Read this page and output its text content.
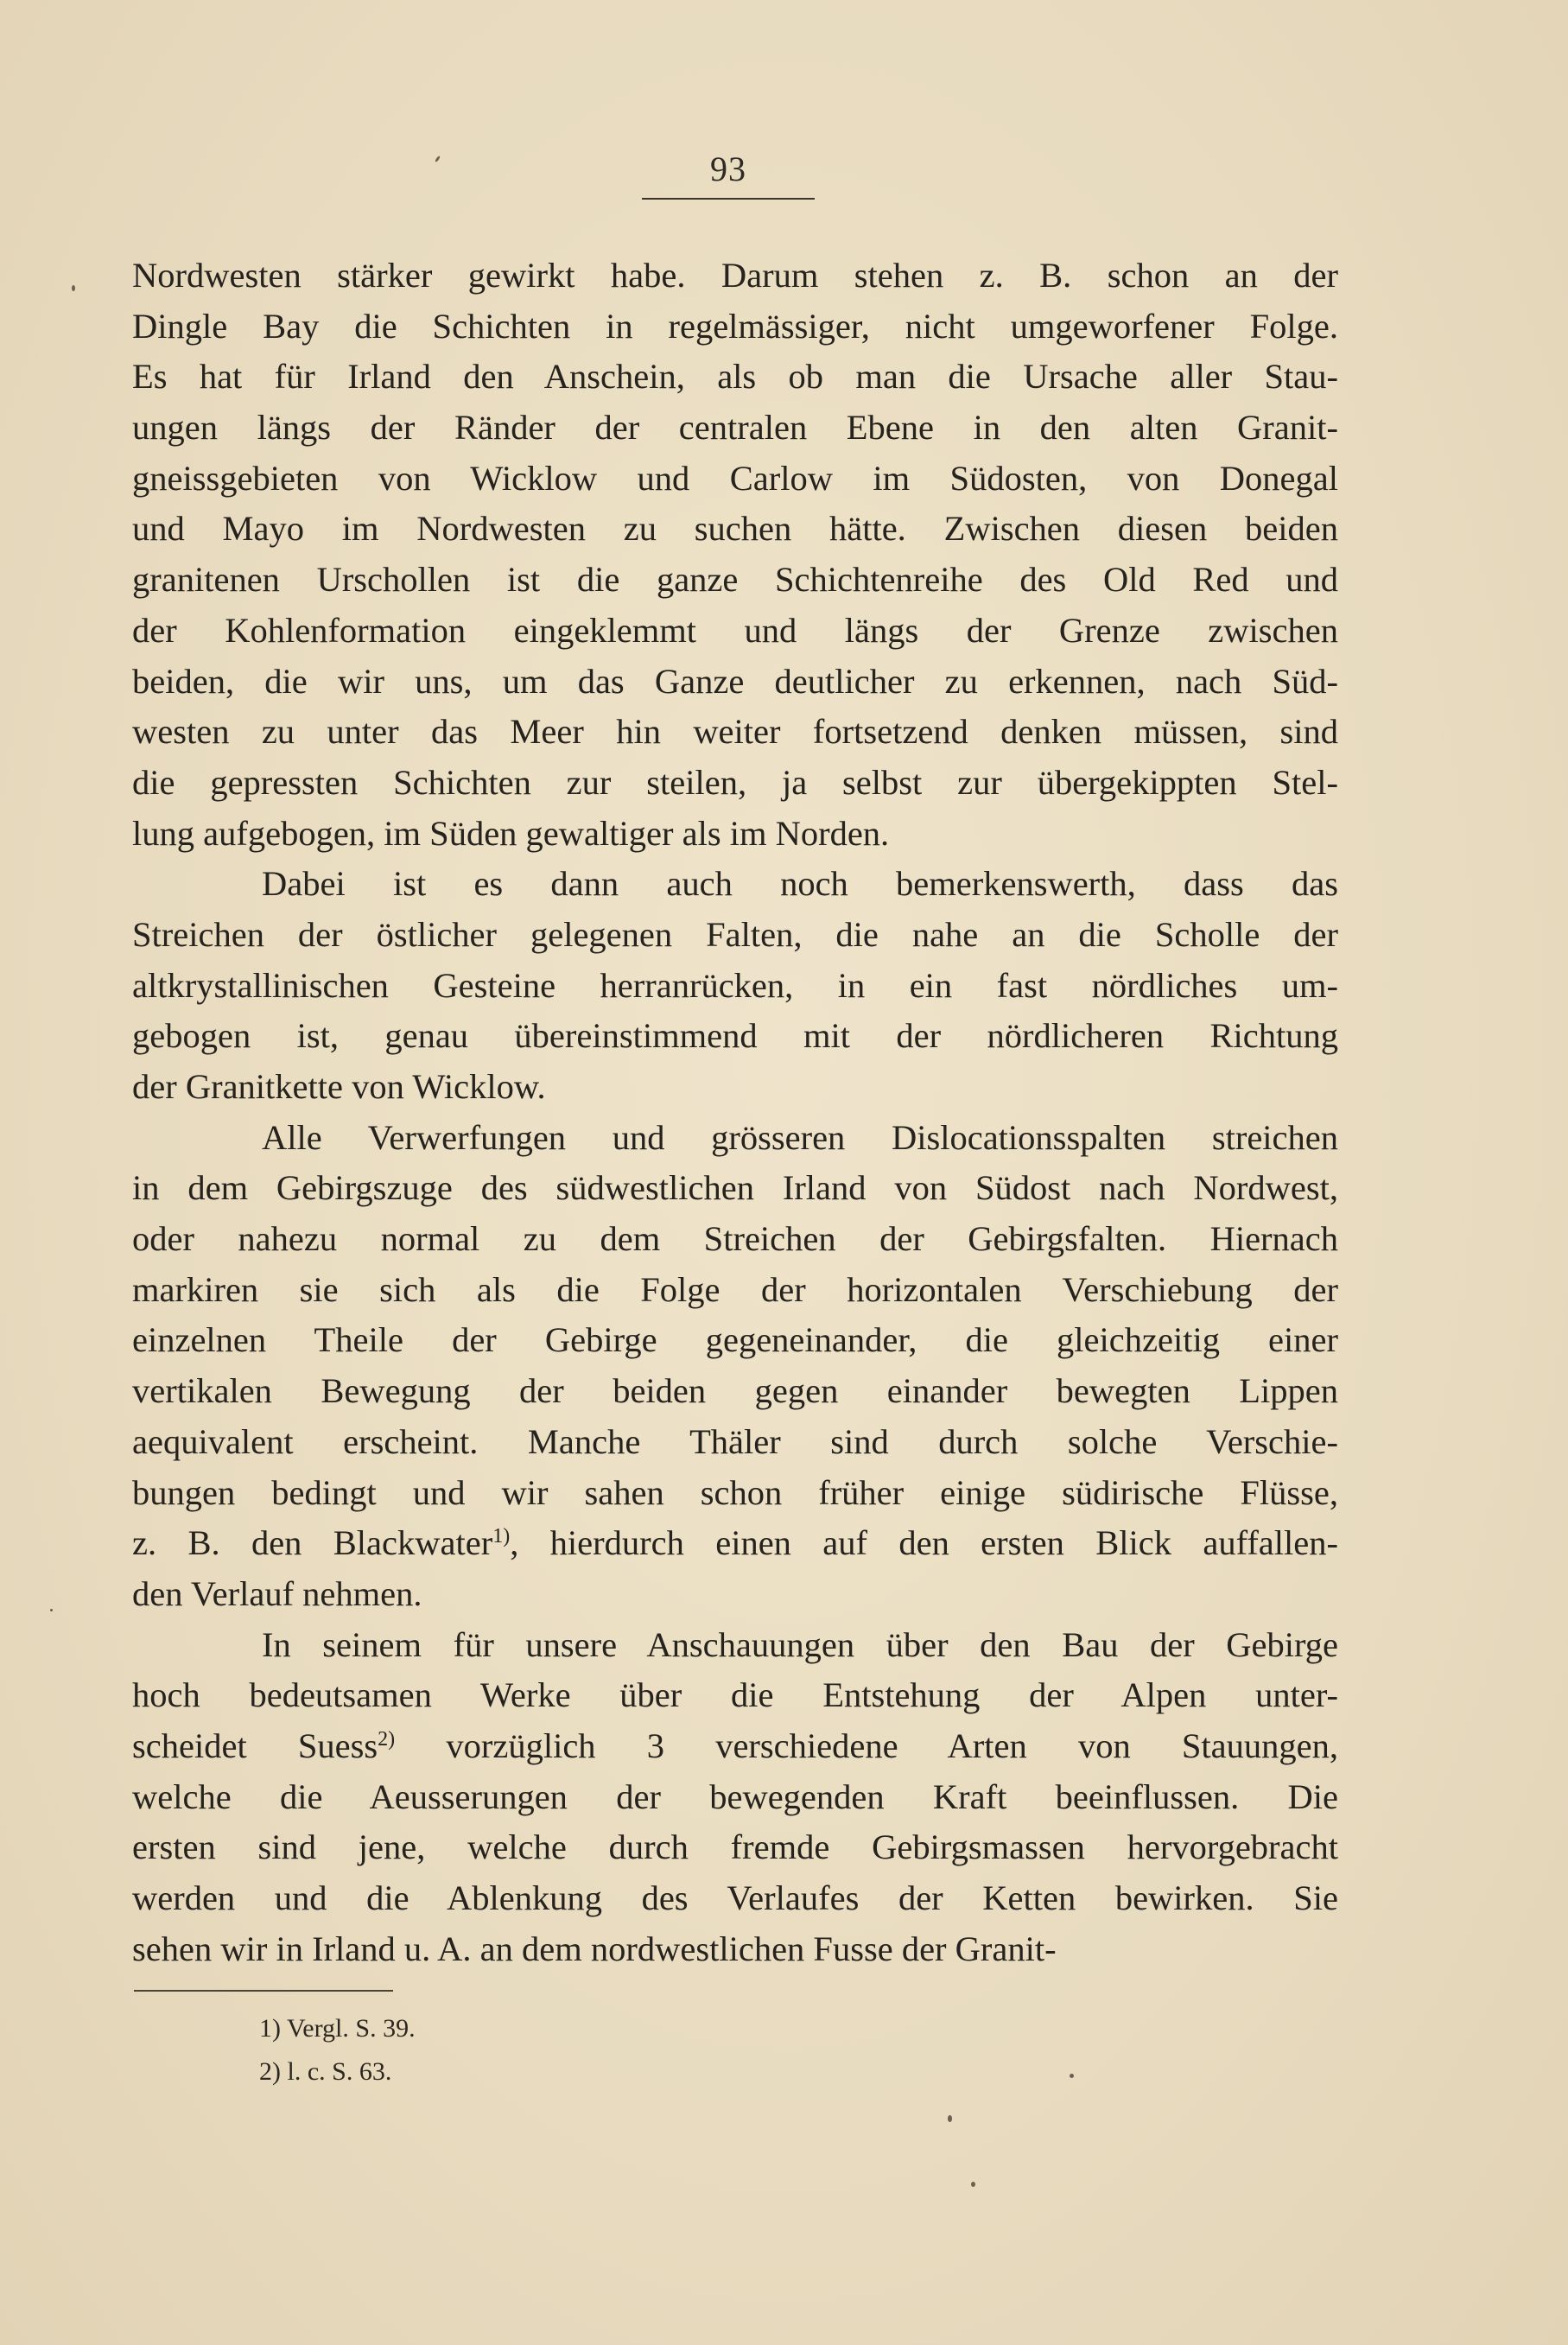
93
Nordwesten stärker gewirkt habe. Darum stehen z. B. schon an der
Dingle Bay die Schichten in regelmässiger, nicht umgeworfener Folge.
Es hat für Irland den Anschein, als ob man die Ursache aller Stau-
ungen längs der Ränder der centralen Ebene in den alten Granit-
gneissgebieten von Wicklow und Carlow im Südosten, von Donegal
und Mayo im Nordwesten zu suchen hätte. Zwischen diesen beiden
granitenen Urschollen ist die ganze Schichtenreihe des Old Red und
der Kohlenformation eingeklemmt und längs der Grenze zwischen
beiden, die wir uns, um das Ganze deutlicher zu erkennen, nach Süd-
westen zu unter das Meer hin weiter fortsetzend denken müssen, sind
die gepressten Schichten zur steilen, ja selbst zur übergekippten Stel-
lung aufgebogen, im Süden gewaltiger als im Norden.
Dabei ist es dann auch noch bemerkenswerth, dass das
Streichen der östlicher gelegenen Falten, die nahe an die Scholle der
altkrystallinischen Gesteine herranrücken, in ein fast nördliches um-
gebogen ist, genau übereinstimmend mit der nördlicheren Richtung
der Granitkette von Wicklow.
Alle Verwerfungen und grösseren Dislocationsspalten streichen
in dem Gebirgszuge des südwestlichen Irland von Südost nach Nordwest,
oder nahezu normal zu dem Streichen der Gebirgsfalten. Hiernach
markiren sie sich als die Folge der horizontalen Verschiebung der
einzelnen Theile der Gebirge gegeneinander, die gleichzeitig einer
vertikalen Bewegung der beiden gegen einander bewegten Lippen
aequivalent erscheint. Manche Thäler sind durch solche Verschie-
bungen bedingt und wir sahen schon früher einige südirische Flüsse,
z. B. den Blackwater$^{1)}$, hierdurch einen auf den ersten Blick auffallen-
den Verlauf nehmen.
In seinem für unsere Anschauungen über den Bau der Gebirge
hoch bedeutsamen Werke über die Entstehung der Alpen unter-
scheidet Suess$^{2)}$ vorzüglich 3 verschiedene Arten von Stauungen,
welche die Aeusserungen der bewegenden Kraft beeinflussen. Die
ersten sind jene, welche durch fremde Gebirgsmassen hervorgebracht
werden und die Ablenkung des Verlaufes der Ketten bewirken. Sie
sehen wir in Irland u. A. an dem nordwestlichen Fusse der Granit-
1) Vergl. S. 39.
2) l. c. S. 63.
